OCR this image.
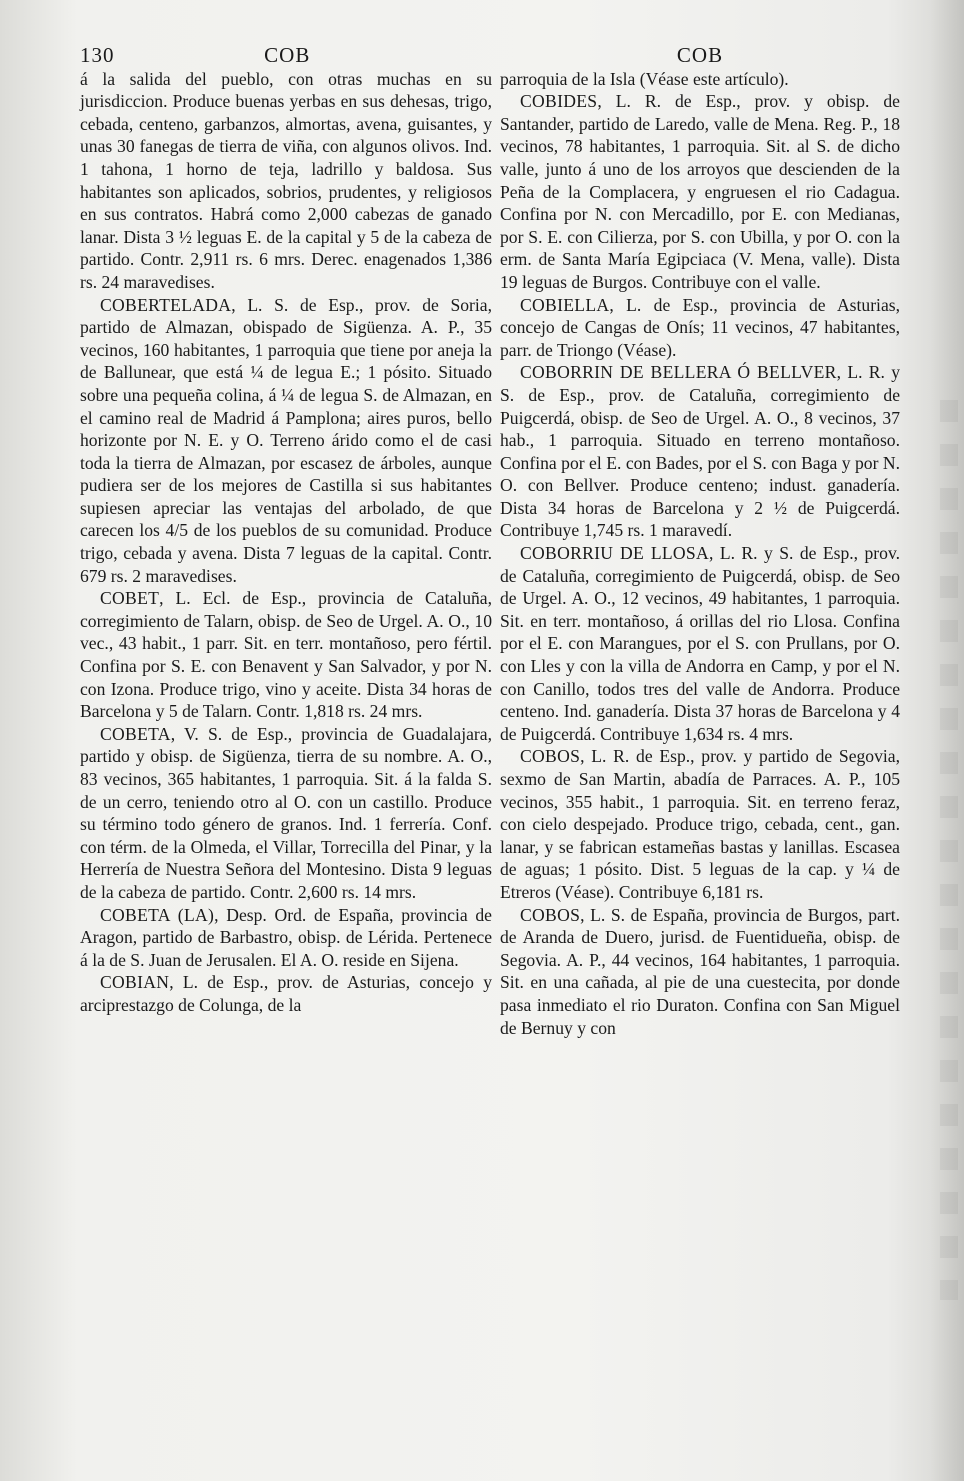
130	COB

á la salida del pueblo, con otras muchas en su jurisdiccion. Produce buenas yerbas en sus dehesas, trigo, cebada, centeno, garbanzos, almortas, avena, guisantes, y unas 30 fanegas de tierra de viña, con algunos olivos. Ind. 1 tahona, 1 horno de teja, ladrillo y baldosa. Sus habitantes son aplicados, sobrios, prudentes, y religiosos en sus contratos. Habrá como 2,000 cabezas de ganado lanar. Dista 3 ½ leguas E. de la capital y 5 de la cabeza de partido. Contr. 2,911 rs. 6 mrs. Derec. enagenados 1,386 rs. 24 maravedises.

COBERTELADA, L. S. de Esp., prov. de Soria, partido de Almazan, obispado de Sigüenza. A. P., 35 vecinos, 160 habitantes, 1 parroquia que tiene por aneja la de Ballunear, que está ¼ de legua E.; 1 pósito. Situado sobre una pequeña colina, á ¼ de legua S. de Almazan, en el camino real de Madrid á Pamplona; aires puros, bello horizonte por N. E. y O. Terreno árido como el de casi toda la tierra de Almazan, por escasez de árboles, aunque pudiera ser de los mejores de Castilla si sus habitantes supiesen apreciar las ventajas del arbolado, de que carecen los 4/5 de los pueblos de su comunidad. Produce trigo, cebada y avena. Dista 7 leguas de la capital. Contr. 679 rs. 2 maravedises.

COBET, L. Ecl. de Esp., provincia de Cataluña, corregimiento de Talarn, obisp. de Seo de Urgel. A. O., 10 vec., 43 habit., 1 parr. Sit. en terr. montañoso, pero fértil. Confina por S. E. con Benavent y San Salvador, y por N. con Izona. Produce trigo, vino y aceite. Dista 34 horas de Barcelona y 5 de Talarn. Contr. 1,818 rs. 24 mrs.

COBETA, V. S. de Esp., provincia de Guadalajara, partido y obisp. de Sigüenza, tierra de su nombre. A. O., 83 vecinos, 365 habitantes, 1 parroquia. Sit. á la falda S. de un cerro, teniendo otro al O. con un castillo. Produce su término todo género de granos. Ind. 1 ferrería. Conf. con térm. de la Olmeda, el Villar, Torrecilla del Pinar, y la Herrería de Nuestra Señora del Montesino. Dista 9 leguas de la cabeza de partido. Contr. 2,600 rs. 14 mrs.

COBETA (LA), Desp. Ord. de España, provincia de Aragon, partido de Barbastro, obisp. de Lérida. Pertenece á la de S. Juan de Jerusalen. El A. O. reside en Sijena.

COBIAN, L. de Esp., prov. de Asturias, concejo y arciprestazgo de Colunga, de la

COB

parroquia de la Isla (Véase este artículo).

COBIDES, L. R. de Esp., prov. y obisp. de Santander, partido de Laredo, valle de Mena. Reg. P., 18 vecinos, 78 habitantes, 1 parroquia. Sit. al S. de dicho valle, junto á uno de los arroyos que descienden de la Peña de la Complacera, y engruesen el rio Cadagua. Confina por N. con Mercadillo, por E. con Medianas, por S. E. con Cilierza, por S. con Ubilla, y por O. con la erm. de Santa María Egipciaca (V. Mena, valle). Dista 19 leguas de Burgos. Contribuye con el valle.

COBIELLA, L. de Esp., provincia de Asturias, concejo de Cangas de Onís; 11 vecinos, 47 habitantes, parr. de Triongo (Véase).

COBORRIN DE BELLERA Ó BELLVER, L. R. y S. de Esp., prov. de Cataluña, corregimiento de Puigcerdá, obisp. de Seo de Urgel. A. O., 8 vecinos, 37 hab., 1 parroquia. Situado en terreno montañoso. Confina por el E. con Bades, por el S. con Baga y por N. O. con Bellver. Produce centeno; indust. ganadería. Dista 34 horas de Barcelona y 2 ½ de Puigcerdá. Contribuye 1,745 rs. 1 maravedí.

COBORRIU DE LLOSA, L. R. y S. de Esp., prov. de Cataluña, corregimiento de Puigcerdá, obisp. de Seo de Urgel. A. O., 12 vecinos, 49 habitantes, 1 parroquia. Sit. en terr. montañoso, á orillas del rio Llosa. Confina por el E. con Marangues, por el S. con Prullans, por O. con Lles y con la villa de Andorra en Camp, y por el N. con Canillo, todos tres del valle de Andorra. Produce centeno. Ind. ganadería. Dista 37 horas de Barcelona y 4 de Puigcerdá. Contribuye 1,634 rs. 4 mrs.

COBOS, L. R. de Esp., prov. y partido de Segovia, sexmo de San Martin, abadía de Parraces. A. P., 105 vecinos, 355 habit., 1 parroquia. Sit. en terreno feraz, con cielo despejado. Produce trigo, cebada, cent., gan. lanar, y se fabrican estameñas bastas y lanillas. Escasea de aguas; 1 pósito. Dist. 5 leguas de la cap. y ¼ de Etreros (Véase). Contribuye 6,181 rs.

COBOS, L. S. de España, provincia de Burgos, part. de Aranda de Duero, jurisd. de Fuentidueña, obisp. de Segovia. A. P., 44 vecinos, 164 habitantes, 1 parroquia. Sit. en una cañada, al pie de una cuestecita, por donde pasa inmediato el rio Duraton. Confina con San Miguel de Bernuy y con
